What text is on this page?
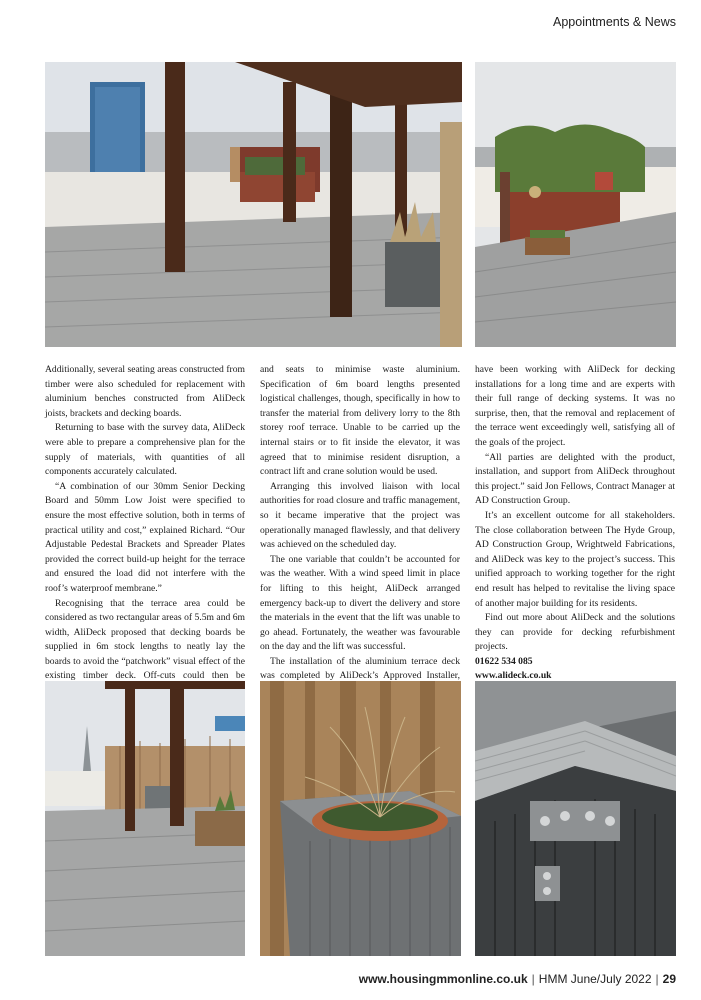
Appointments & News

Additionally, several seating areas constructed from timber were also scheduled for replacement with aluminium benches constructed from AliDeck joists, brackets and decking boards.

Returning to base with the survey data, AliDeck were able to prepare a comprehensive plan for the supply of materials, with quantities of all components accurately calculated.

“A combination of our 30mm Senior Decking Board and 50mm Low Joist were specified to ensure the most effective solution, both in terms of practical utility and cost,” explained Richard. “Our Adjustable Pedestal Brackets and Spreader Plates provided the correct build-up height for the terrace and ensured the load did not interfere with the roof’s waterproof membrane.”

Recognising that the terrace area could be considered as two rectangular areas of 5.5m and 6m width, AliDeck proposed that decking boards be supplied in 6m stock lengths to neatly lay the boards to avoid the “patchwork” visual effect of the existing timber deck. Off-cuts could then be

and seats to minimise waste aluminium. Specification of 6m board lengths presented logistical challenges, though, specifically in how to transfer the material from delivery lorry to the 8th storey roof terrace. Unable to be carried up the internal stairs or to fit inside the elevator, it was agreed that to minimise resident disruption, a contract lift and crane solution would be used.

Arranging this involved liaison with local authorities for road closure and traffic management, so it became imperative that the project was operationally managed flawlessly, and that delivery was achieved on the scheduled day.

The one variable that couldn’t be accounted for was the weather. With a wind speed limit in place for lifting to this height, AliDeck arranged emergency back-up to divert the delivery and store the materials in the event that the lift was unable to go ahead. Fortunately, the weather was favourable on the day and the lift was successful.

The installation of the aluminium terrace deck was completed by AliDeck’s Approved Installer,

have been working with AliDeck for decking installations for a long time and are experts with their full range of decking systems. It was no surprise, then, that the removal and replacement of the terrace went exceedingly well, satisfying all of the goals of the project.

“All parties are delighted with the product, installation, and support from AliDeck throughout this project.” said Jon Fellows, Contract Manager at AD Construction Group.

It’s an excellent outcome for all stakeholders. The close collaboration between The Hyde Group, AD Construction Group, Wrightweld Fabrications, and AliDeck was key to the project’s success. This unified approach to working together for the right end result has helped to revitalise the living space of another major building for its residents.

Find out more about AliDeck and the solutions they can provide for decking refurbishment projects.

01622 534 085
www.alideck.co.uk

www.housingmmonline.co.uk | HMM June/July 2022 | 29
